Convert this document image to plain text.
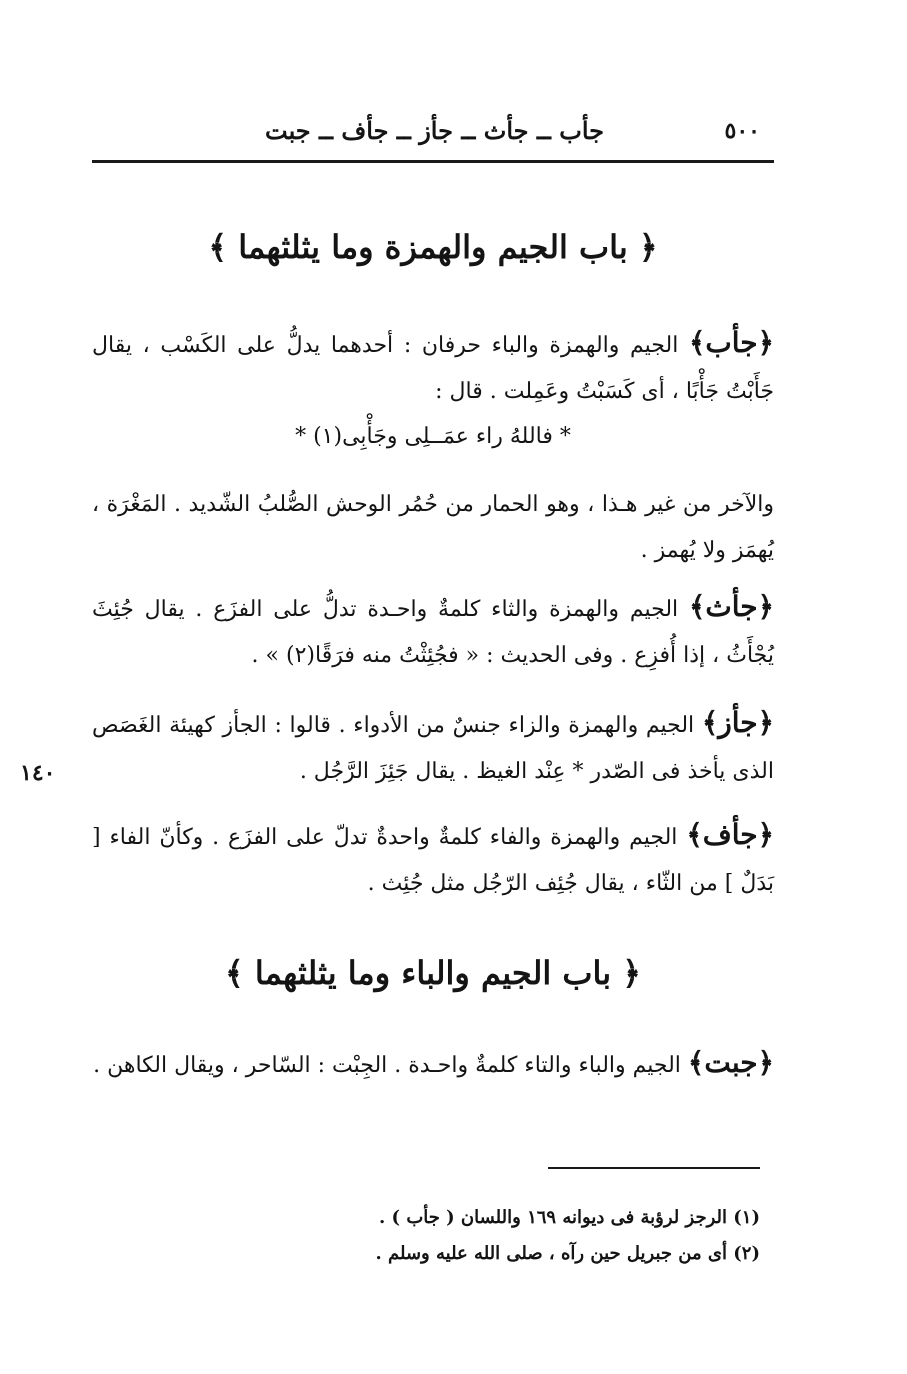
٥٠٠
جأب ــ جأث ــ جأز ــ جأف ــ جبت
﴿ باب الجيم والهمزة وما يثلثهما ﴾
﴿جأب﴾ الجيم والهمزة والباء حرفان : أحدهما يدلُّ على الكَسْب ، يقال جَأَبْتُ جَأْبًا ، أى كَسَبْتُ وعَمِلت . قال :
* فاللهُ راء عمَــلِى وجَأْبِى(١) *
والآخر من غير هـذا ، وهو الحمار من حُمُر الوحش الصُّلبُ الشّديد . المَغْرَة ، يُهمَز ولا يُهمز .
﴿جأث﴾ الجيم والهمزة والثاء كلمةٌ واحـدة تدلُّ على الفزَع . يقال جُئِثَ يُجْأَثُ ، إذا أُفزِع . وفى الحديث : « فجُئِثْتُ منه فرَقًا(٢) » .
﴿جأز﴾ الجيم والهمزة والزاء جنسٌ من الأدواء . قالوا : الجأز كهيئة الغَصَص الذى يأخذ فى الصّدر * عِنْد الغيظ . يقال جَئِزَ الرَّجُل .
١٤٠
﴿جأف﴾ الجيم والهمزة والفاء كلمةٌ واحدةٌ تدلّ على الفزَع . وكأنّ الفاء [ بَدَلٌ ] من الثّاء ، يقال جُئِف الرّجُل مثل جُئِث .
﴿ باب الجيم والباء وما يثلثهما ﴾
﴿جبت﴾ الجيم والباء والتاء كلمةٌ واحـدة . الجِبْت : السّاحر ، ويقال الكاهن .
(١) الرجز لرؤبة فى ديوانه ١٦٩ واللسان ( جأب ) .
(٢) أى من جبريل حين رآه ، صلى الله عليه وسلم .
